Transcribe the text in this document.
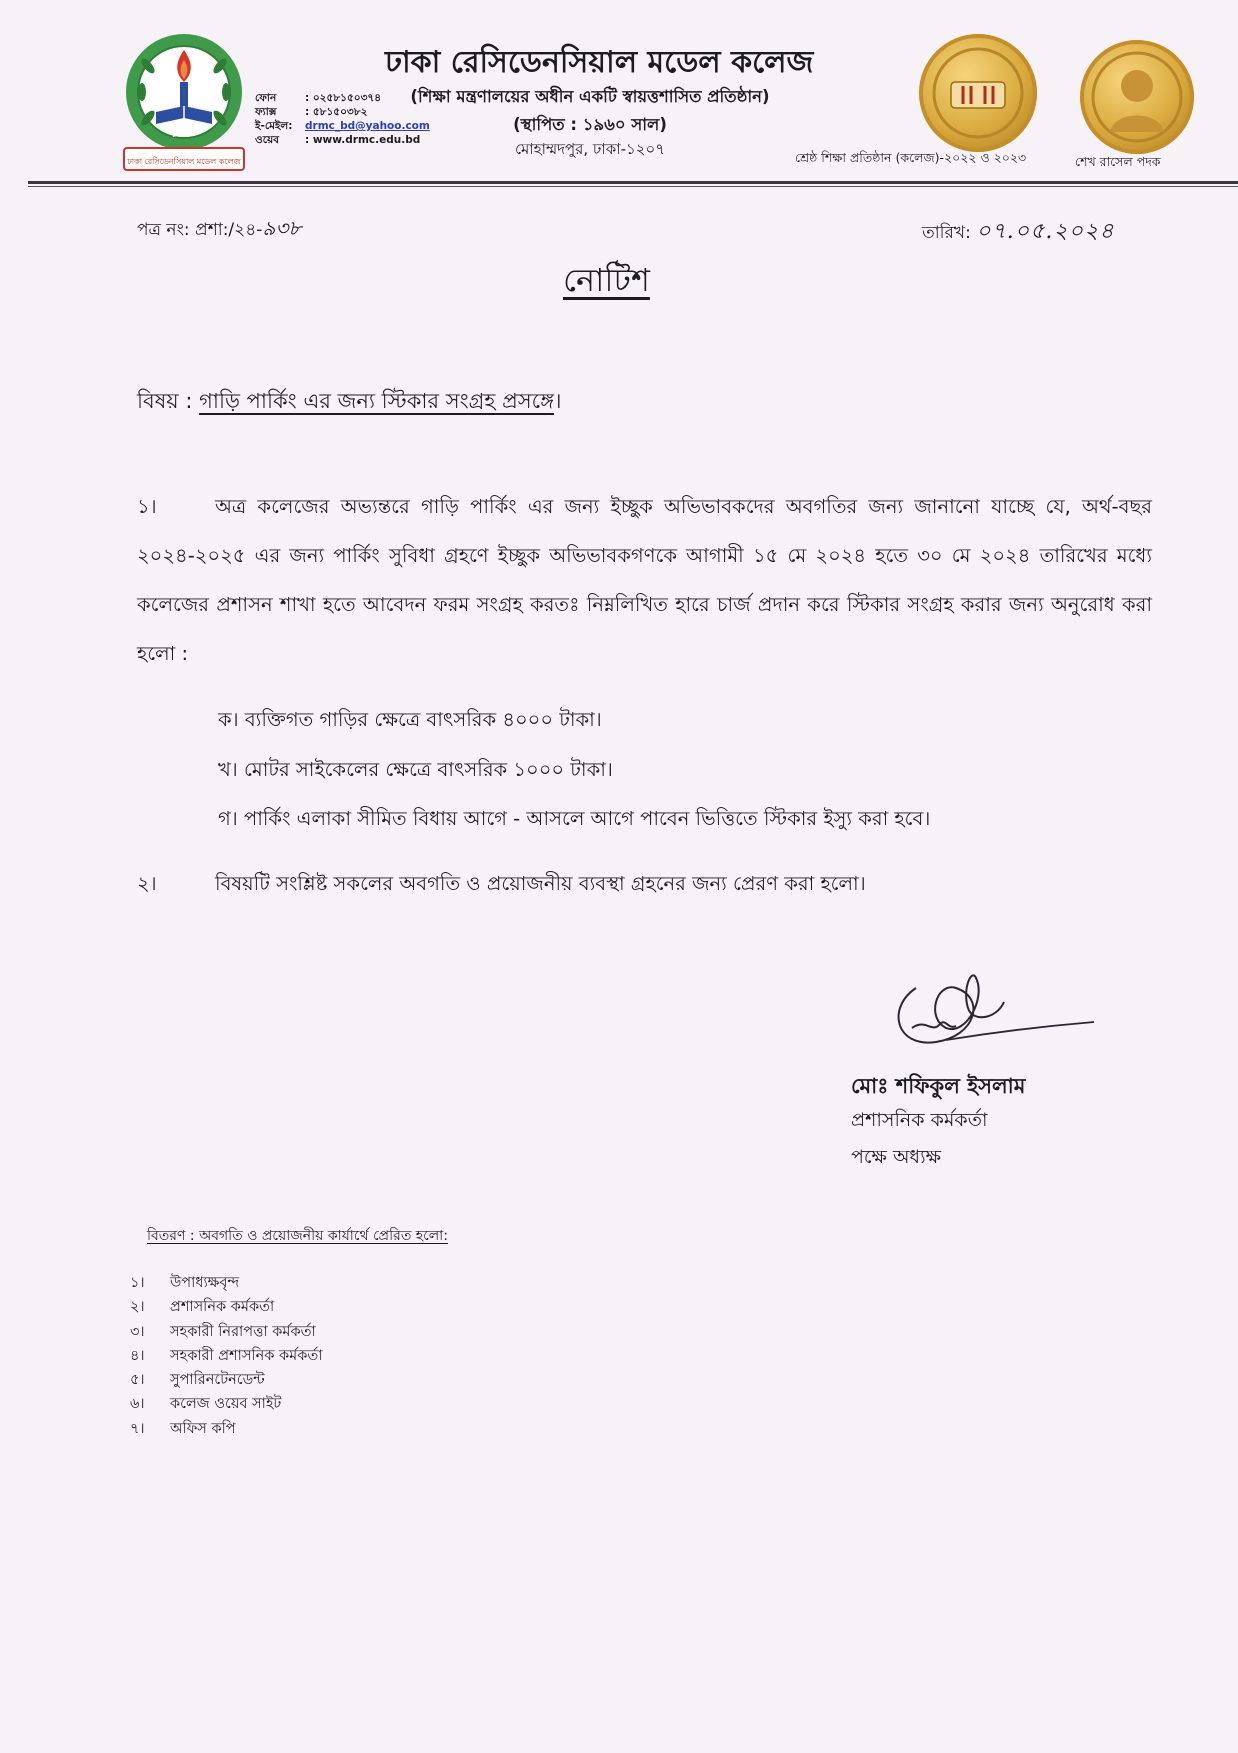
ঢাকা রেসিডেনসিয়াল মডেল কলেজ
১৯৬০
ঢাকা রেসিডেনসিয়াল মডেল কলেজ
(শিক্ষা মন্ত্রণালয়ের অধীন একটি স্বায়ত্তশাসিত প্রতিষ্ঠান)
(স্থাপিত : ১৯৬০ সাল)
মোহাম্মদপুর, ঢাকা-১২০৭
ফোন	: ০২৫৮১৫০৩৭৪
ফ্যাক্স	: ৫৮১৫০৩৮২
ই-মেইল: drmc_bd@yahoo.com
ওয়েব : www.drmc.edu.bd
শ্রেষ্ঠ শিক্ষা প্রতিষ্ঠান (কলেজ)-২০২২ ও ২০২৩	শেখ রাসেল পদক
পত্র নং: প্রশা:/২৪-৯৩৮	তারিখ: ০৭.০৫.২০২৪
নোটিশ
বিষয় : গাড়ি পার্কিং এর জন্য স্টিকার সংগ্রহ প্রসঙ্গে।
১।	অত্র কলেজের অভ্যন্তরে গাড়ি পার্কিং এর জন্য ইচ্ছুক অভিভাবকদের অবগতির জন্য জানানো যাচ্ছে যে, অর্থ-বছর ২০২৪-২০২৫ এর জন্য পার্কিং সুবিধা গ্রহণে ইচ্ছুক অভিভাবকগণকে আগামী ১৫ মে ২০২৪ হতে ৩০ মে ২০২৪ তারিখের মধ্যে কলেজের প্রশাসন শাখা হতে আবেদন ফরম সংগ্রহ করতঃ নিম্নলিখিত হারে চার্জ প্রদান করে স্টিকার সংগ্রহ করার জন্য অনুরোধ করা হলো :
ক। ব্যক্তিগত গাড়ির ক্ষেত্রে বাৎসরিক ৪০০০ টাকা।
খ। মোটর সাইকেলের ক্ষেত্রে বাৎসরিক ১০০০ টাকা।
গ। পার্কিং এলাকা সীমিত বিধায় আগে - আসলে আগে পাবেন ভিত্তিতে স্টিকার ইস্যু করা হবে।
২।	বিষয়টি সংশ্লিষ্ট সকলের অবগতি ও প্রয়োজনীয় ব্যবস্থা গ্রহনের জন্য প্রেরণ করা হলো।
মোঃ শফিকুল ইসলাম
প্রশাসনিক কর্মকর্তা
পক্ষে অধ্যক্ষ
বিতরণ : অবগতি ও প্রয়োজনীয় কার্যার্থে প্রেরিত হলো:
১। উপাধ্যক্ষবৃন্দ
২। প্রশাসনিক কর্মকর্তা
৩। সহকারী নিরাপত্তা কর্মকর্তা
৪। সহকারী প্রশাসনিক কর্মকর্তা
৫। সুপারিনটেনডেন্ট
৬। কলেজ ওয়েব সাইট
৭। অফিস কপি
